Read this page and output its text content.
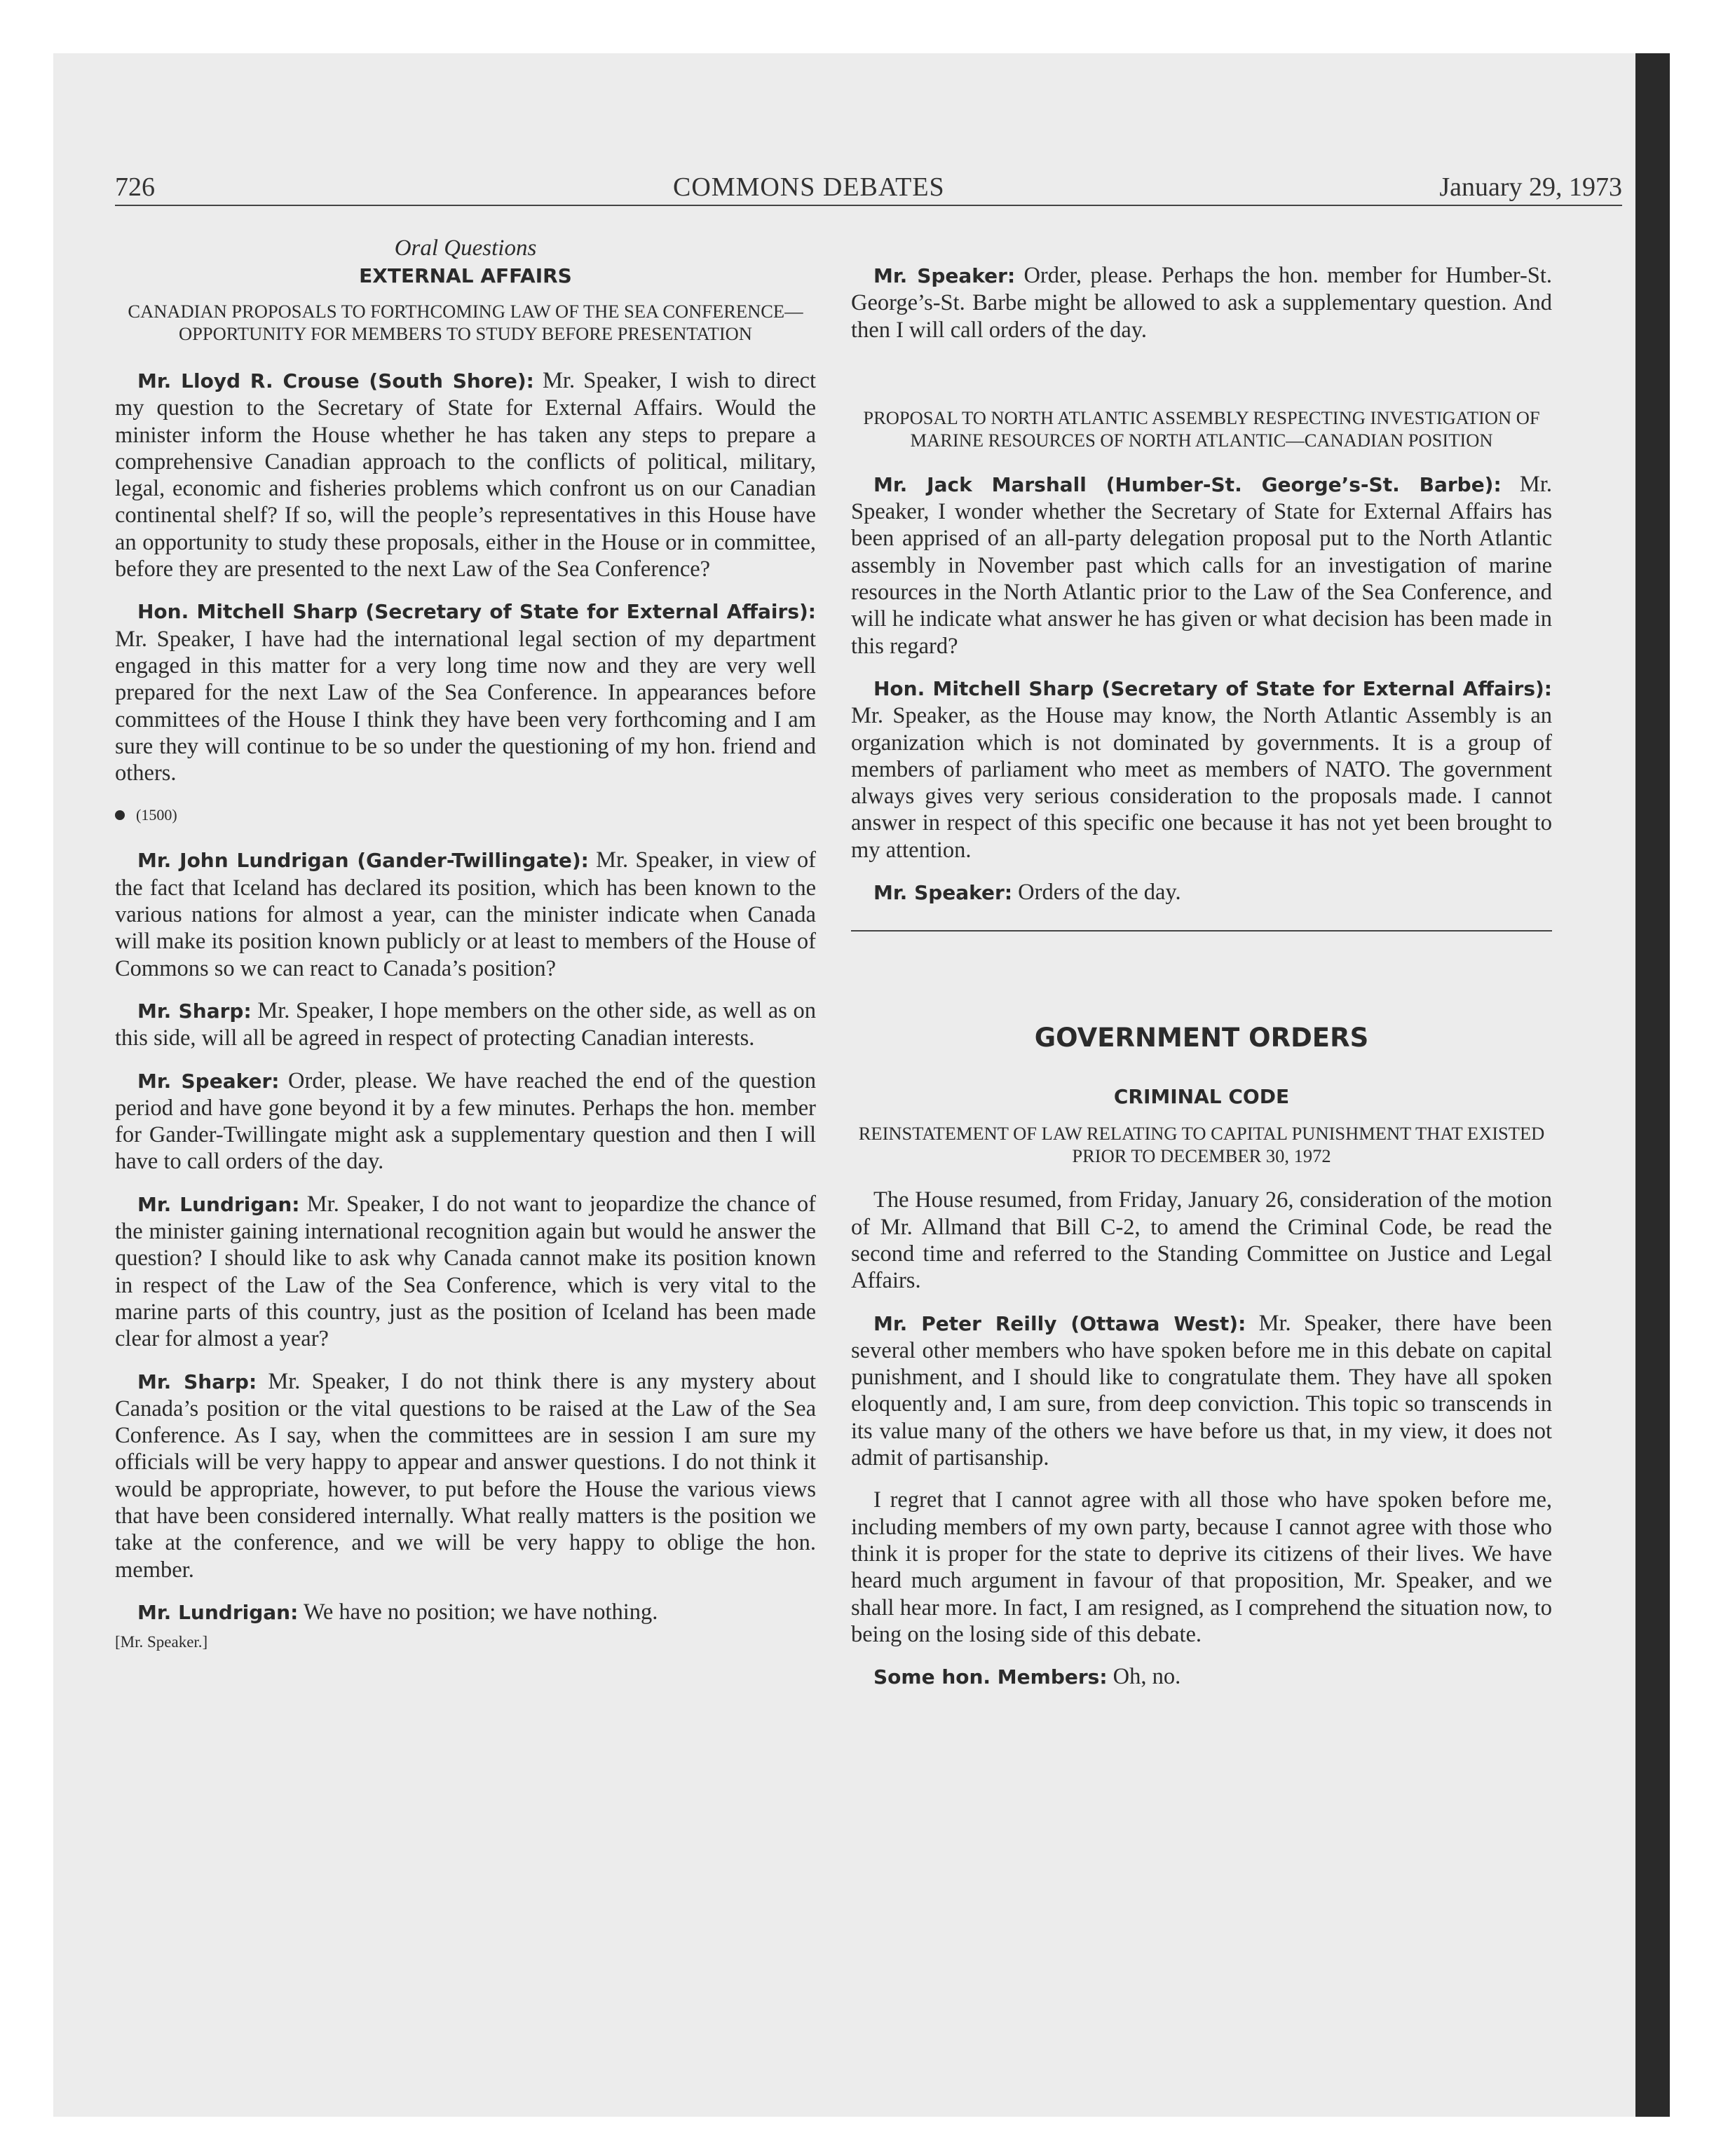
726	COMMONS DEBATES	January 29, 1973

Oral Questions

EXTERNAL AFFAIRS

CANADIAN PROPOSALS TO FORTHCOMING LAW OF THE SEA CONFERENCE—OPPORTUNITY FOR MEMBERS TO STUDY BEFORE PRESENTATION

Mr. Lloyd R. Crouse (South Shore): Mr. Speaker, I wish to direct my question to the Secretary of State for External Affairs. Would the minister inform the House whether he has taken any steps to prepare a comprehensive Canadian approach to the conflicts of political, military, legal, economic and fisheries problems which confront us on our Canadian continental shelf? If so, will the people’s representatives in this House have an opportunity to study these proposals, either in the House or in committee, before they are presented to the next Law of the Sea Conference?

Hon. Mitchell Sharp (Secretary of State for External Affairs): Mr. Speaker, I have had the international legal section of my department engaged in this matter for a very long time now and they are very well prepared for the next Law of the Sea Conference. In appearances before committees of the House I think they have been very forthcoming and I am sure they will continue to be so under the questioning of my hon. friend and others.

(1500)

Mr. John Lundrigan (Gander-Twillingate): Mr. Speaker, in view of the fact that Iceland has declared its position, which has been known to the various nations for almost a year, can the minister indicate when Canada will make its position known publicly or at least to members of the House of Commons so we can react to Canada’s position?

Mr. Sharp: Mr. Speaker, I hope members on the other side, as well as on this side, will all be agreed in respect of protecting Canadian interests.

Mr. Speaker: Order, please. We have reached the end of the question period and have gone beyond it by a few minutes. Perhaps the hon. member for Gander-Twillingate might ask a supplementary question and then I will have to call orders of the day.

Mr. Lundrigan: Mr. Speaker, I do not want to jeopardize the chance of the minister gaining international recognition again but would he answer the question? I should like to ask why Canada cannot make its position known in respect of the Law of the Sea Conference, which is very vital to the marine parts of this country, just as the position of Iceland has been made clear for almost a year?

Mr. Sharp: Mr. Speaker, I do not think there is any mystery about Canada’s position or the vital questions to be raised at the Law of the Sea Conference. As I say, when the committees are in session I am sure my officials will be very happy to appear and answer questions. I do not think it would be appropriate, however, to put before the House the various views that have been considered internally. What really matters is the position we take at the conference, and we will be very happy to oblige the hon. member.

Mr. Lundrigan: We have no position; we have nothing.

[Mr. Speaker.]

Mr. Speaker: Order, please. Perhaps the hon. member for Humber-St. George’s-St. Barbe might be allowed to ask a supplementary question. And then I will call orders of the day.

PROPOSAL TO NORTH ATLANTIC ASSEMBLY RESPECTING INVESTIGATION OF MARINE RESOURCES OF NORTH ATLANTIC—CANADIAN POSITION

Mr. Jack Marshall (Humber-St. George’s-St. Barbe): Mr. Speaker, I wonder whether the Secretary of State for External Affairs has been apprised of an all-party delegation proposal put to the North Atlantic assembly in November past which calls for an investigation of marine resources in the North Atlantic prior to the Law of the Sea Conference, and will he indicate what answer he has given or what decision has been made in this regard?

Hon. Mitchell Sharp (Secretary of State for External Affairs): Mr. Speaker, as the House may know, the North Atlantic Assembly is an organization which is not dominated by governments. It is a group of members of parliament who meet as members of NATO. The government always gives very serious consideration to the proposals made. I cannot answer in respect of this specific one because it has not yet been brought to my attention.

Mr. Speaker: Orders of the day.

GOVERNMENT ORDERS

CRIMINAL CODE

REINSTATEMENT OF LAW RELATING TO CAPITAL PUNISHMENT THAT EXISTED PRIOR TO DECEMBER 30, 1972

The House resumed, from Friday, January 26, consideration of the motion of Mr. Allmand that Bill C-2, to amend the Criminal Code, be read the second time and referred to the Standing Committee on Justice and Legal Affairs.

Mr. Peter Reilly (Ottawa West): Mr. Speaker, there have been several other members who have spoken before me in this debate on capital punishment, and I should like to congratulate them. They have all spoken eloquently and, I am sure, from deep conviction. This topic so transcends in its value many of the others we have before us that, in my view, it does not admit of partisanship.

I regret that I cannot agree with all those who have spoken before me, including members of my own party, because I cannot agree with those who think it is proper for the state to deprive its citizens of their lives. We have heard much argument in favour of that proposition, Mr. Speaker, and we shall hear more. In fact, I am resigned, as I comprehend the situation now, to being on the losing side of this debate.

Some hon. Members: Oh, no.
